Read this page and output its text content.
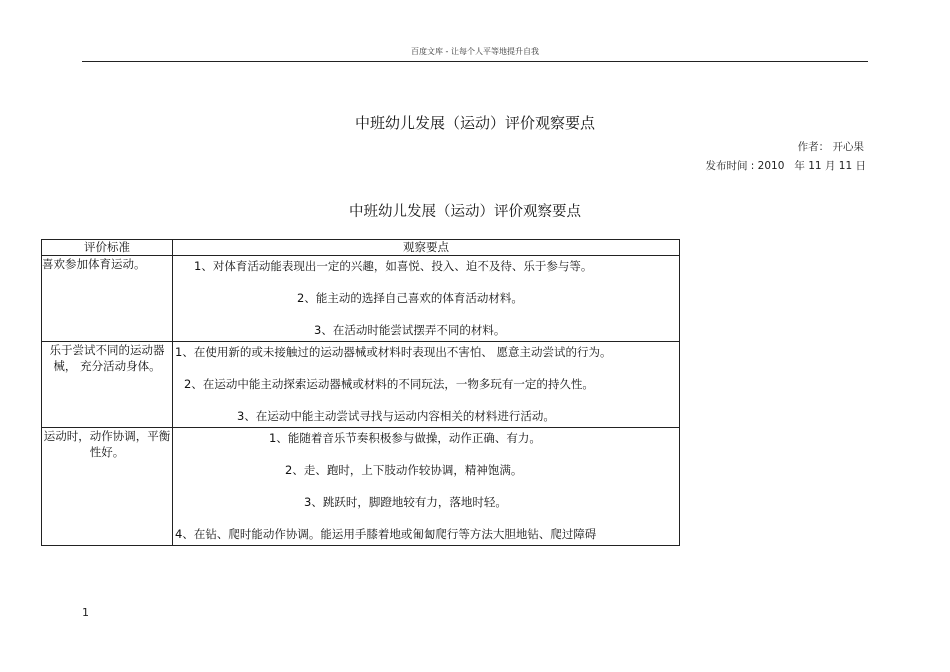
百度文库 - 让每个人平等地提升自我
中班幼儿发展（运动）评价观察要点
作者： 开心果
发布时间 : 2010   年 11 月 11 日
中班幼儿发展（运动）评价观察要点
评价标准	观察要点
喜欢参加体育运动。	1、对体育活动能表现出一定的兴趣，如喜悦、投入、迫不及待、乐于参与等。
2、能主动的选择自己喜欢的体育活动材料。
3、在活动时能尝试摆弄不同的材料。

乐于尝试不同的运动器械， 充分活动身体。	1、在使用新的或未接触过的运动器械或材料时表现出不害怕、 愿意主动尝试的行为。
2、在运动中能主动探索运动器械或材料的不同玩法，一物多玩有一定的持久性。
3、在运动中能主动尝试寻找与运动内容相关的材料进行活动。

运动时，动作协调，平衡性好。	1、能随着音乐节奏积极参与做操，动作正确、有力。
2、走、跑时，上下肢动作较协调，精神饱满。
3、跳跃时，脚蹬地较有力，落地时轻。
4、在钻、爬时能动作协调。能运用手膝着地或匍匐爬行等方法大胆地钻、爬过障碍
1
